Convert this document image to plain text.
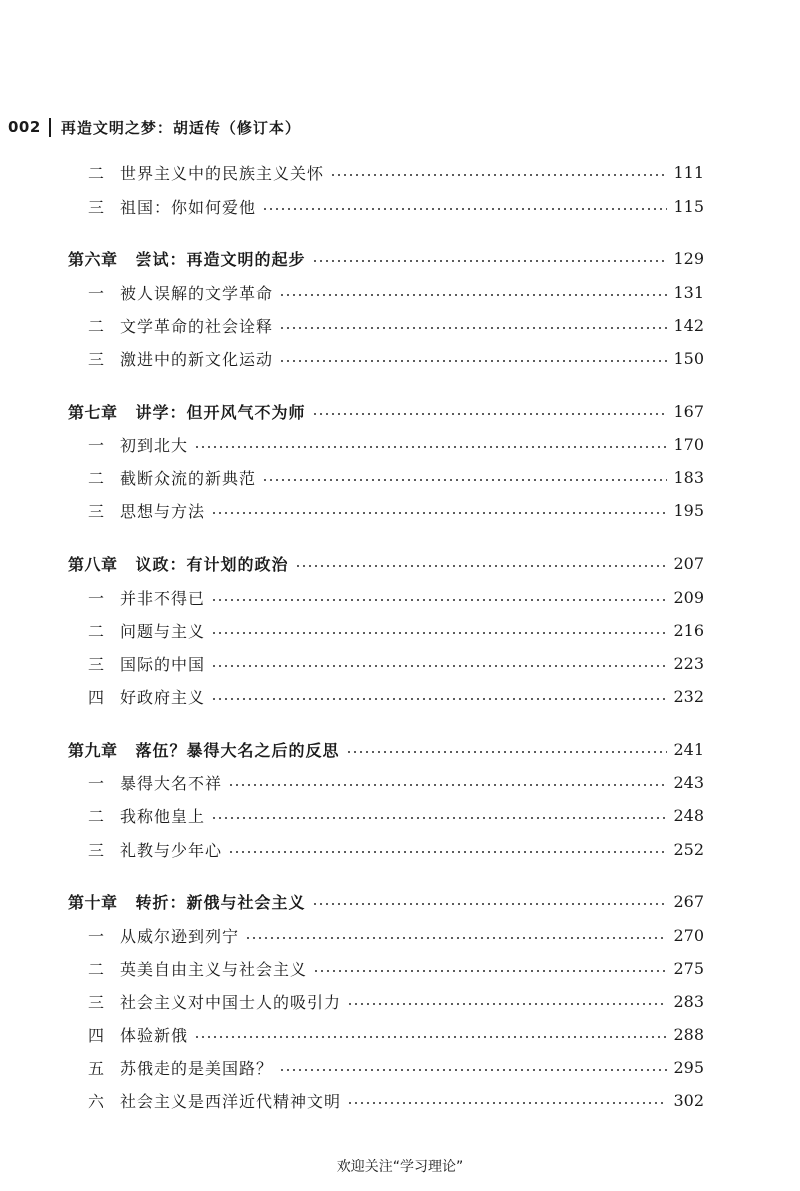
002 再造文明之梦：胡适传（修订本）
二	世界主义中的民族主义关怀	111
三	祖国：你如何爱他	115
第六章 尝试：再造文明的起步	129
一	被人误解的文学革命	131
二	文学革命的社会诠释	142
三	激进中的新文化运动	150
第七章 讲学：但开风气不为师	167
一	初到北大	170
二	截断众流的新典范	183
三	思想与方法	195
第八章 议政：有计划的政治	207
一	并非不得已	209
二	问题与主义	216
三	国际的中国	223
四	好政府主义	232
第九章 落伍？暴得大名之后的反思	241
一	暴得大名不祥	243
二	我称他皇上	248
三	礼教与少年心	252
第十章 转折：新俄与社会主义	267
一	从威尔逊到列宁	270
二	英美自由主义与社会主义	275
三	社会主义对中国士人的吸引力	283
四	体验新俄	288
五	苏俄走的是美国路？	295
六	社会主义是西洋近代精神文明	302
欢迎关注“学习理论”
